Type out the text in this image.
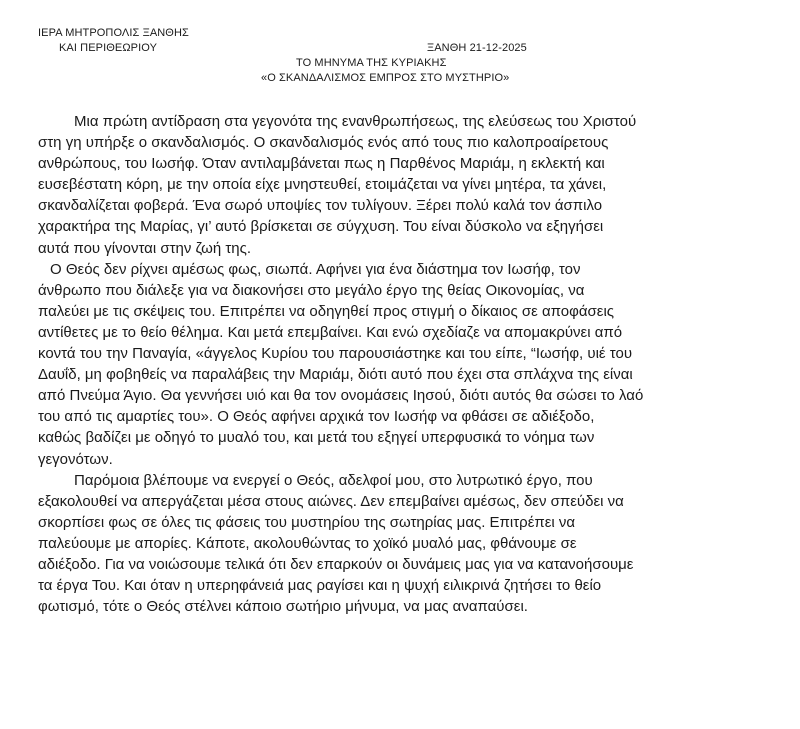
ΙΕΡΑ ΜΗΤΡΟΠΟΛΙΣ ΞΑΝΘΗΣ
ΚΑΙ ΠΕΡΙΘΕΩΡΙΟΥ	ΞΑΝΘΗ 21-12-2025
ΤΟ ΜΗΝΥΜΑ ΤΗΣ ΚΥΡΙΑΚΗΣ
«Ο ΣΚΑΝΔΑΛΙΣΜΟΣ ΕΜΠΡΟΣ ΣΤΟ ΜΥΣΤΗΡΙΟ»
Μια πρώτη αντίδραση στα γεγονότα της ενανθρωπήσεως, της ελεύσεως του Χριστού
στη γη υπήρξε ο σκανδαλισμός. Ο σκανδαλισμός ενός από τους πιο καλοπροαίρετους
ανθρώπους, του Ιωσήφ. Όταν αντιλαμβάνεται πως η Παρθένος Μαριάμ, η εκλεκτή και
ευσεβέστατη κόρη, με την οποία είχε μνηστευθεί, ετοιμάζεται να γίνει μητέρα, τα χάνει,
σκανδαλίζεται φοβερά. Ένα σωρό υποψίες τον τυλίγουν. Ξέρει πολύ καλά τον άσπιλο
χαρακτήρα της Μαρίας, γι’ αυτό βρίσκεται σε σύγχυση. Του είναι δύσκολο να εξηγήσει
αυτά που γίνονται στην ζωή της.
Ο Θεός δεν ρίχνει αμέσως φως, σιωπά. Αφήνει για ένα διάστημα τον Ιωσήφ, τον
άνθρωπο που διάλεξε για να διακονήσει στο μεγάλο έργο της θείας Οικονομίας, να
παλεύει με τις σκέψεις του. Επιτρέπει να οδηγηθεί προς στιγμή ο δίκαιος σε αποφάσεις
αντίθετες με το θείο θέλημα. Και μετά επεμβαίνει. Και ενώ σχεδίαζε να απομακρύνει από
κοντά του την Παναγία, «άγγελος Κυρίου του παρουσιάστηκε και του είπε, “Ιωσήφ, υιέ του
Δαυΐδ, μη φοβηθείς να παραλάβεις την Μαριάμ, διότι αυτό που έχει στα σπλάχνα της είναι
από Πνεύμα Άγιο. Θα γεννήσει υιό και θα τον ονομάσεις Ιησού, διότι αυτός θα σώσει το λαό
του από τις αμαρτίες του». Ο Θεός αφήνει αρχικά τον Ιωσήφ να φθάσει σε αδιέξοδο,
καθώς βαδίζει με οδηγό το μυαλό του, και μετά του εξηγεί υπερφυσικά το νόημα των
γεγονότων.
Παρόμοια βλέπουμε να ενεργεί ο Θεός, αδελφοί μου, στο λυτρωτικό έργο, που
εξακολουθεί να απεργάζεται μέσα στους αιώνες. Δεν επεμβαίνει αμέσως, δεν σπεύδει να
σκορπίσει φως σε όλες τις φάσεις του μυστηρίου της σωτηρίας μας. Επιτρέπει να
παλεύουμε με απορίες. Κάποτε, ακολουθώντας το χοϊκό μυαλό μας, φθάνουμε σε
αδιέξοδο. Για να νοιώσουμε τελικά ότι δεν επαρκούν οι δυνάμεις μας για να κατανοήσουμε
τα έργα Του. Και όταν η υπερηφάνειά μας ραγίσει και η ψυχή ειλικρινά ζητήσει το θείο
φωτισμό, τότε ο Θεός στέλνει κάποιο σωτήριο μήνυμα, να μας αναπαύσει.
